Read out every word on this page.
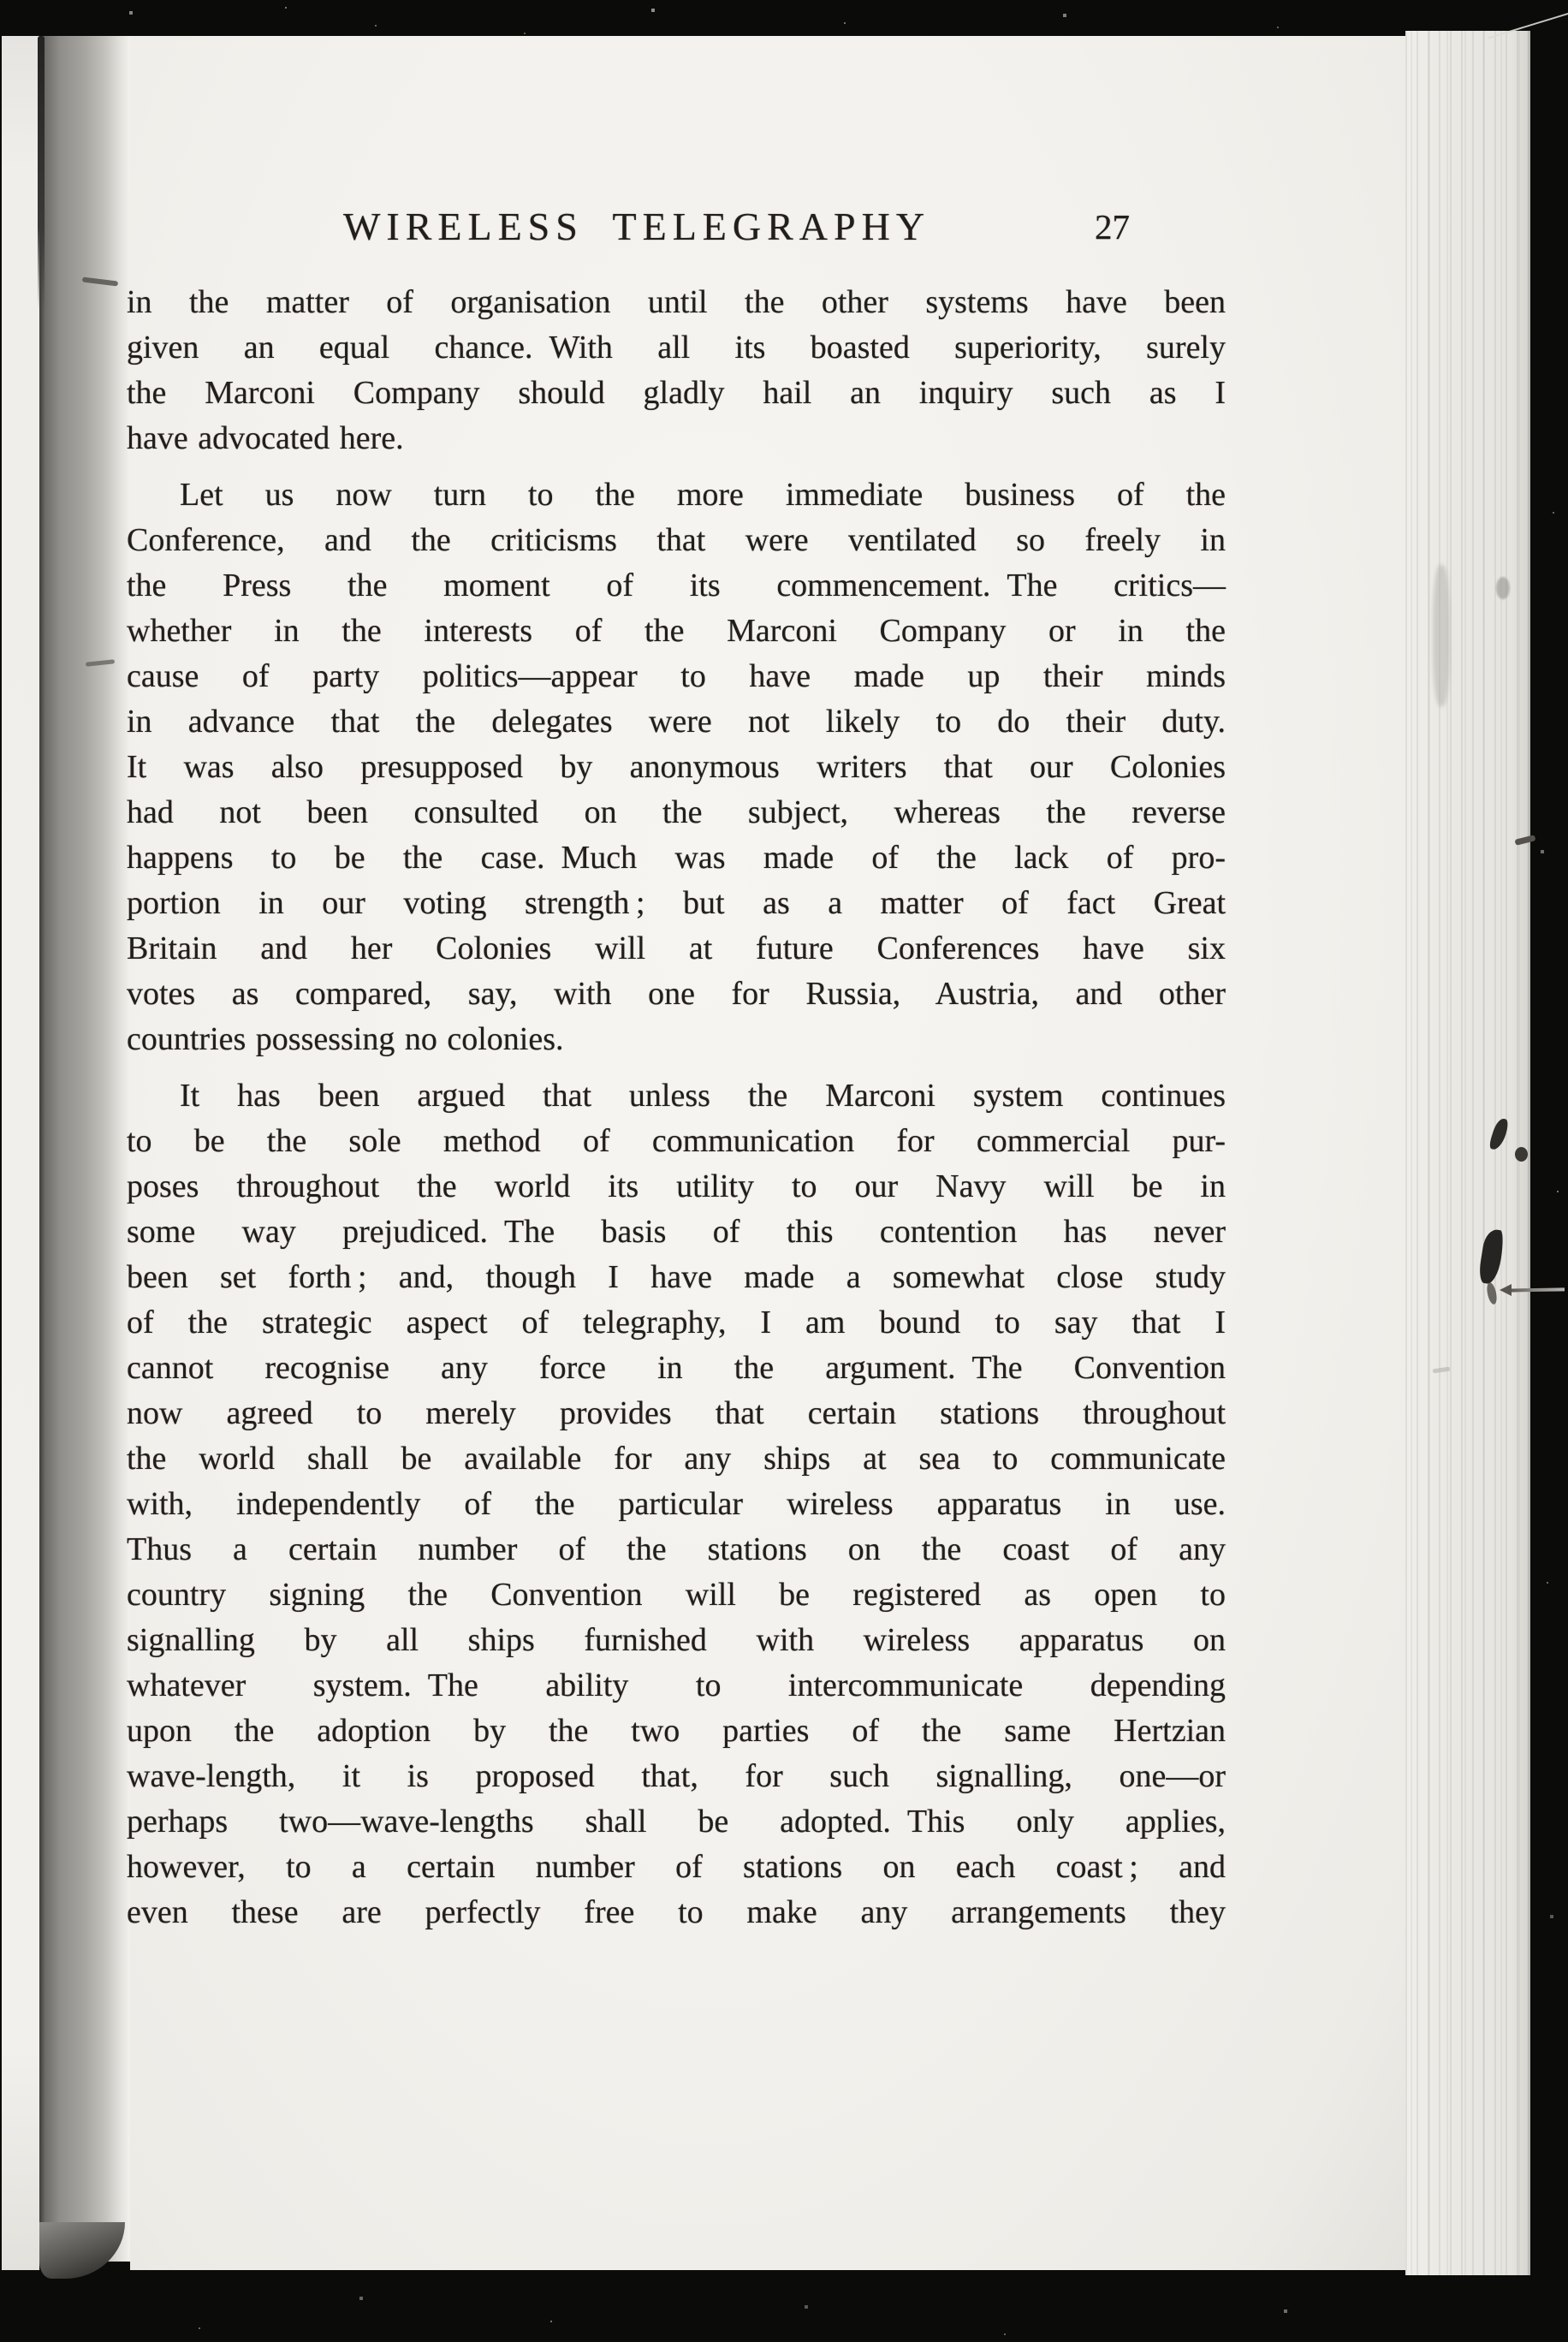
WIRELESS TELEGRAPHY	27

in the matter of organisation until the other systems have been
given an equal chance. With all its boasted superiority, surely
the Marconi Company should gladly hail an inquiry such as I
have advocated here.

Let us now turn to the more immediate business of the
Conference, and the criticisms that were ventilated so freely in
the Press the moment of its commencement. The critics—
whether in the interests of the Marconi Company or in the
cause of party politics—appear to have made up their minds
in advance that the delegates were not likely to do their duty.
It was also presupposed by anonymous writers that our Colonies
had not been consulted on the subject, whereas the reverse
happens to be the case. Much was made of the lack of pro-
portion in our voting strength ; but as a matter of fact Great
Britain and her Colonies will at future Conferences have six
votes as compared, say, with one for Russia, Austria, and other
countries possessing no colonies.

It has been argued that unless the Marconi system continues
to be the sole method of communication for commercial pur-
poses throughout the world its utility to our Navy will be in
some way prejudiced. The basis of this contention has never
been set forth ; and, though I have made a somewhat close study
of the strategic aspect of telegraphy, I am bound to say that I
cannot recognise any force in the argument. The Convention
now agreed to merely provides that certain stations throughout
the world shall be available for any ships at sea to communicate
with, independently of the particular wireless apparatus in use.
Thus a certain number of the stations on the coast of any
country signing the Convention will be registered as open to
signalling by all ships furnished with wireless apparatus on
whatever system. The ability to intercommunicate depending
upon the adoption by the two parties of the same Hertzian
wave-length, it is proposed that, for such signalling, one—or
perhaps two—wave-lengths shall be adopted. This only applies,
however, to a certain number of stations on each coast ; and
even these are perfectly free to make any arrangements they
